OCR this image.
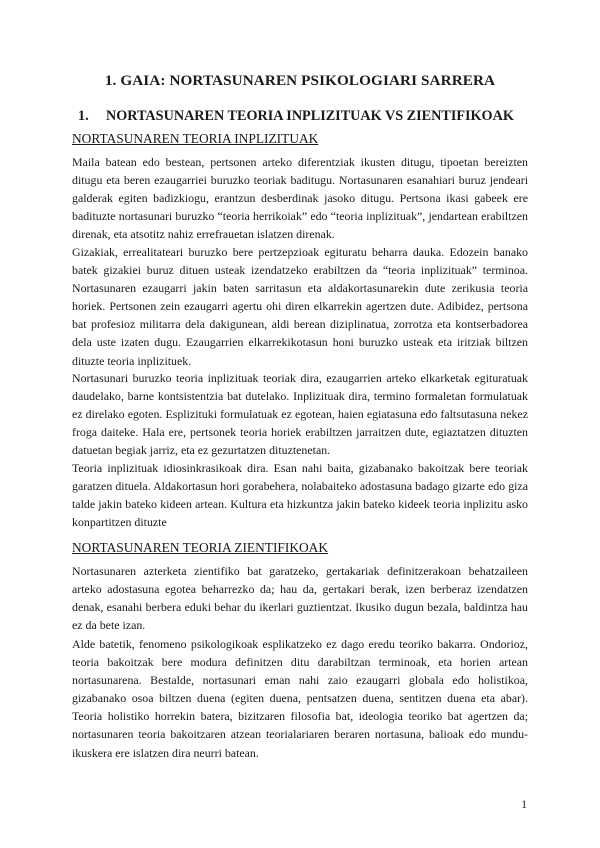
1. GAIA: NORTASUNAREN PSIKOLOGIARI SARRERA
1. NORTASUNAREN TEORIA INPLIZITUAK VS ZIENTIFIKOAK
NORTASUNAREN TEORIA INPLIZITUAK

Maila batean edo bestean, pertsonen arteko diferentziak ikusten ditugu, tipoetan bereizten ditugu eta beren ezaugarriei buruzko teoriak baditugu. Nortasunaren esanahiari buruz jendeari galderak egiten badizkiogu, erantzun desberdinak jasoko ditugu. Pertsona ikasi gabeek ere badituzte nortasunari buruzko “teoria herrikoiak” edo “teoria inplizituak”, jendartean erabiltzen direnak, eta atsotitz nahiz errefrauetan islatzen direnak.

Gizakiak, errealitateari buruzko bere pertzepzioak egituratu beharra dauka. Edozein banako batek gizakiei buruz dituen usteak izendatzeko erabiltzen da “teoria inplizituak” terminoa. Nortasunaren ezaugarri jakin baten sarritasun eta aldakortasunarekin dute zerikusia teoria horiek. Pertsonen zein ezaugarri agertu ohi diren elkarrekin agertzen dute. Adibidez, pertsona bat profesioz militarra dela dakigunean, aldi berean diziplinatua, zorrotza eta kontserbadorea dela uste izaten dugu. Ezaugarrien elkarrekikotasun honi buruzko usteak eta iritziak biltzen dituzte teoria inplizituek.

Nortasunari buruzko teoria inplizituak teoriak dira, ezaugarrien arteko elkarketak egituratuak daudelako, barne kontsistentzia bat dutelako. Inplizituak dira, termino formaletan formulatuak ez direlako egoten. Esplizituki formulatuak ez egotean, haien egiatasuna edo faltsutasuna nekez froga daiteke. Hala ere, pertsonek teoria horiek erabiltzen jarraitzen dute, egiaztatzen dituzten datuetan begiak jarriz, eta ez gezurtatzen dituztenetan.

Teoria inplizituak idiosinkrasikoak dira. Esan nahi baita, gizabanako bakoitzak bere teoriak garatzen dituela. Aldakortasun hori gorabehera, nolabaiteko adostasuna badago gizarte edo giza talde jakin bateko kideen artean. Kultura eta hizkuntza jakin bateko kideek teoria inplizitu asko konpartitzen dituzte

NORTASUNAREN TEORIA ZIENTIFIKOAK

Nortasunaren azterketa zientifiko bat garatzeko, gertakariak definitzerakoan behatzaileen arteko adostasuna egotea beharrezko da; hau da, gertakari berak, izen berberaz izendatzen denak, esanahi berbera eduki behar du ikerlari guztientzat. Ikusiko dugun bezala, baldintza hau ez da bete izan.

Alde batetik, fenomeno psikologikoak esplikatzeko ez dago eredu teoriko bakarra. Ondorioz, teoria bakoitzak bere modura definitzen ditu darabiltzan terminoak, eta horien artean nortasunarena. Bestalde, nortasunari eman nahi zaio ezaugarri globala edo holistikoa, gizabanako osoa biltzen duena (egiten duena, pentsatzen duena, sentitzen duena eta abar). Teoria holistiko horrekin batera, bizitzaren filosofia bat, ideologia teoriko bat agertzen da; nortasunaren teoria bakoitzaren atzean teorialariaren beraren nortasuna, balioak edo mundu-ikuskera ere islatzen dira neurri batean.

1
